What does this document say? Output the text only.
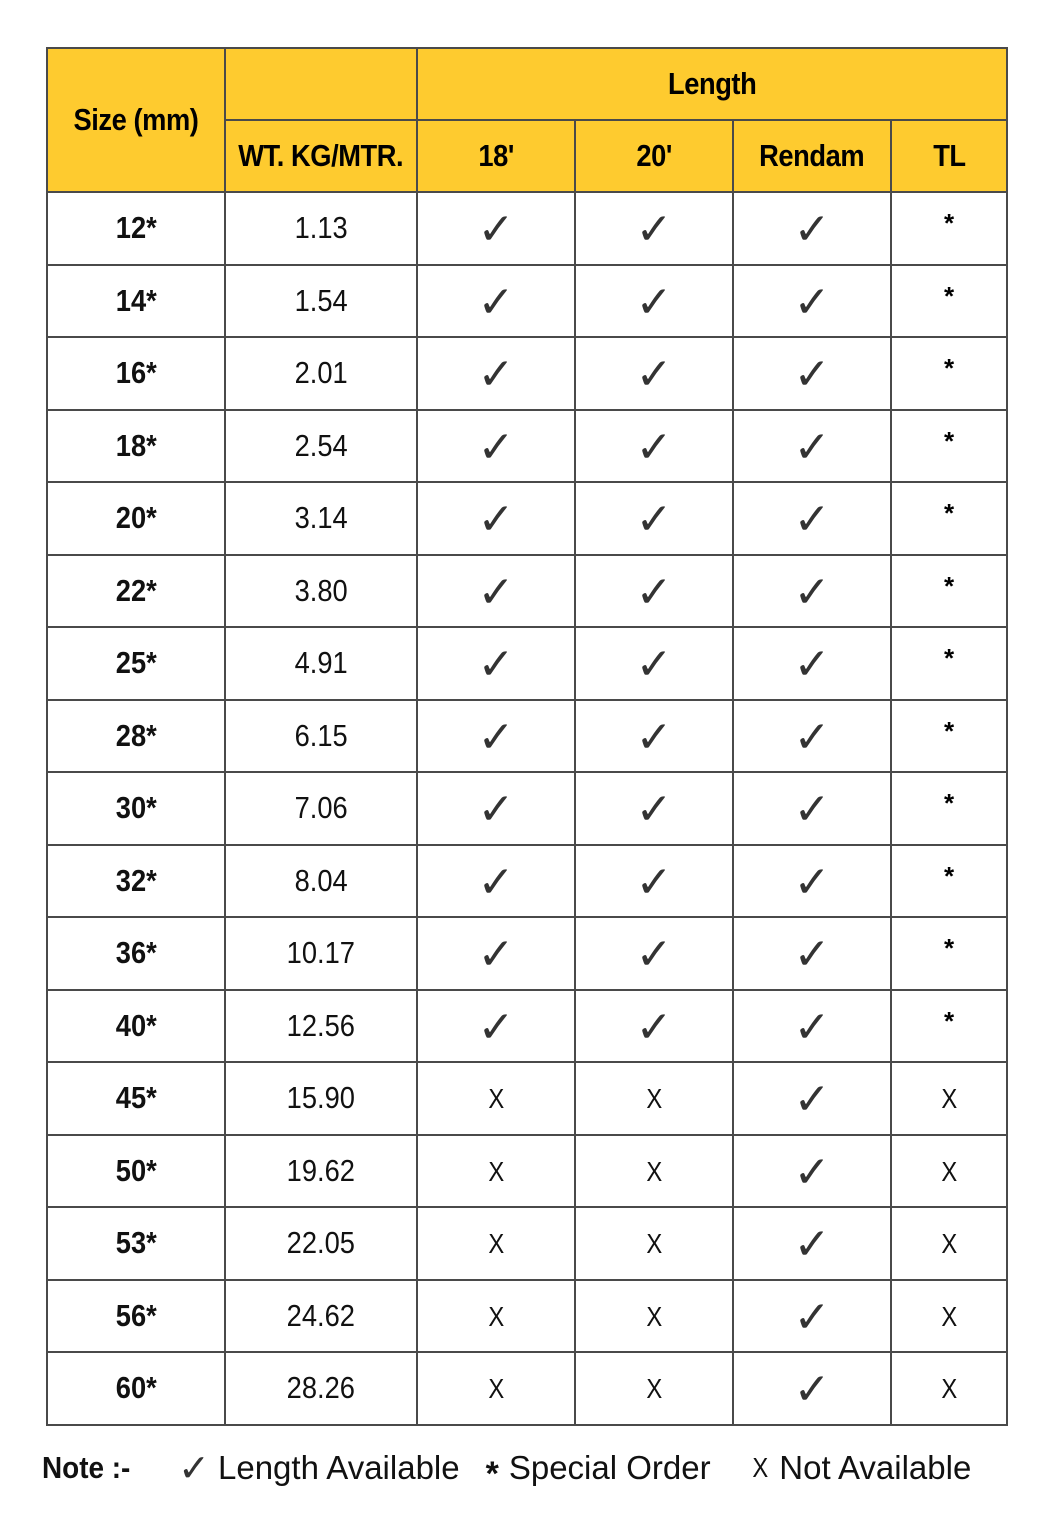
Size (mm)		Length			
	WT. KG/MTR.	18'	20'	Rendam	TL
12*	1.13	✓	✓	✓	*
14*	1.54	✓	✓	✓	*
16*	2.01	✓	✓	✓	*
18*	2.54	✓	✓	✓	*
20*	3.14	✓	✓	✓	*
22*	3.80	✓	✓	✓	*
25*	4.91	✓	✓	✓	*
28*	6.15	✓	✓	✓	*
30*	7.06	✓	✓	✓	*
32*	8.04	✓	✓	✓	*
36*	10.17	✓	✓	✓	*
40*	12.56	✓	✓	✓	*
45*	15.90	X	X	✓	X
50*	19.62	X	X	✓	X
53*	22.05	X	X	✓	X
56*	24.62	X	X	✓	X
60*	28.26	X	X	✓	X
Note :- ✓ Length Available * Special Order X Not Available
